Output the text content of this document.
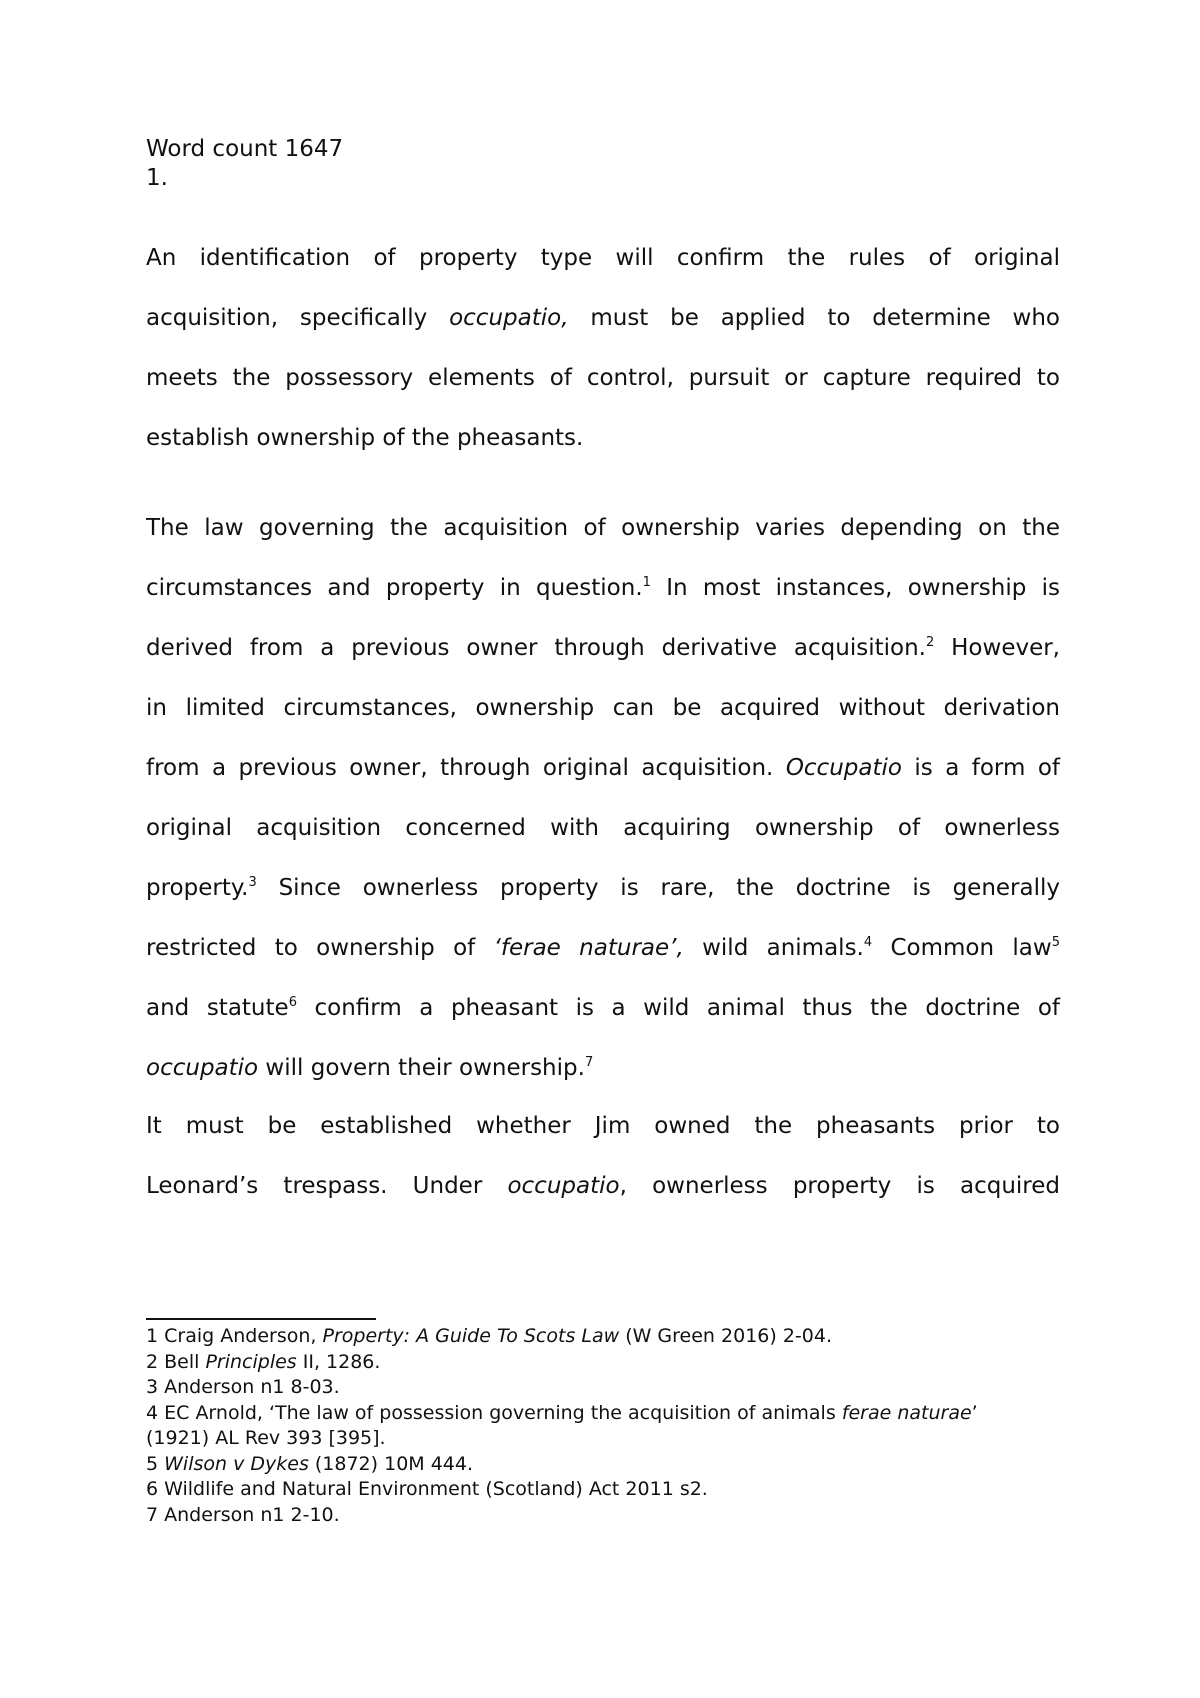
Word count 1647
1.
An identification of property type will confirm the rules of original
acquisition, specifically occupatio, must be applied to determine who
meets the possessory elements of control, pursuit or capture required to
establish ownership of the pheasants.
The law governing the acquisition of ownership varies depending on the
circumstances and property in question.$^1$ In most instances, ownership is
derived from a previous owner through derivative acquisition.$^2$ However,
in limited circumstances, ownership can be acquired without derivation
from a previous owner, through original acquisition. Occupatio is a form of
original acquisition concerned with acquiring ownership of ownerless
property.$^3$ Since ownerless property is rare, the doctrine is generally
restricted to ownership of ‘ferae naturae’, wild animals.$^4$ Common law$^5$
and statute$^6$ confirm a pheasant is a wild animal thus the doctrine of
occupatio will govern their ownership.$^7$
It must be established whether Jim owned the pheasants prior to
Leonard’s trespass. Under occupatio, ownerless property is acquired
1 Craig Anderson, Property: A Guide To Scots Law (W Green 2016) 2-04.
2 Bell Principles II, 1286.
3 Anderson n1 8-03.
4 EC Arnold, ‘The law of possession governing the acquisition of animals ferae naturae’
(1921) AL Rev 393 [395].
5 Wilson v Dykes (1872) 10M 444.
6 Wildlife and Natural Environment (Scotland) Act 2011 s2.
7 Anderson n1 2-10.
